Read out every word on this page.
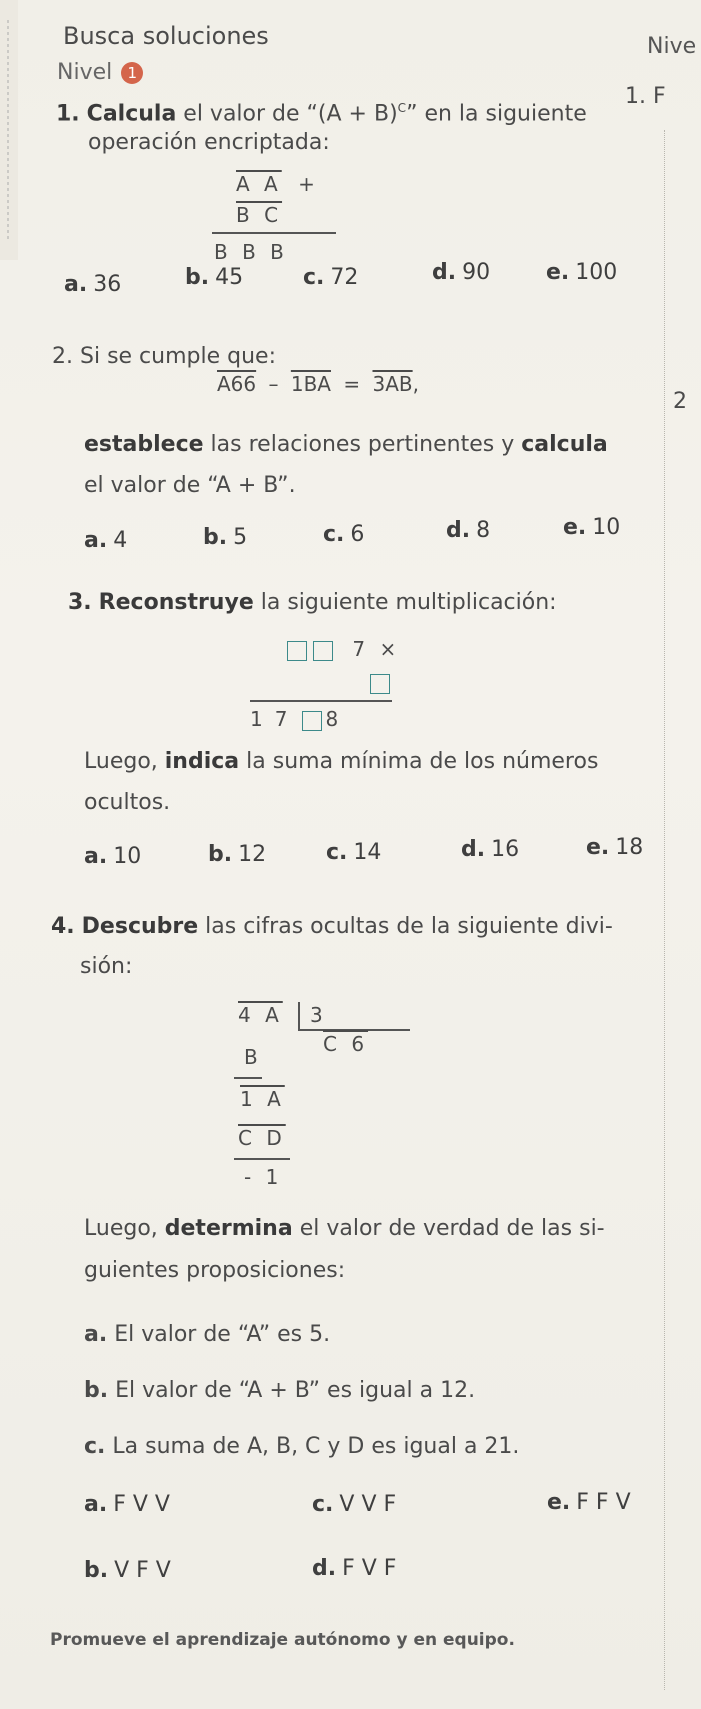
Busca soluciones	Nive
Nivel 1
1. F
1. Calcula el valor de “$(A + B)^C$” en la siguiente
operación encriptada:
A A +
B C
B B B
a. 36	b. 45	c. 72	d. 90	e. 100
2. Si se cumple que:
2
A66 – 1BA = 3AB,
establece las relaciones pertinentes y calcula
el valor de “A + B”.
a. 4	b. 5	c. 6	d. 8	e. 10
3. Reconstruye la siguiente multiplicación:
7 ×
17 8
Luego, indica la suma mínima de los números
ocultos.
a. 10	b. 12	c. 14	d. 16	e. 18
4. Descubre las cifras ocultas de la siguiente divi-
sión:
4 A 3
C 6
B
1 A
C D
- 1
Luego, determina el valor de verdad de las si-
guientes proposiciones:
a. El valor de “A” es 5.
b. El valor de “A + B” es igual a 12.
c. La suma de A, B, C y D es igual a 21.
a. F V V	c. V V F	e. F F V
b. V F V	d. F V F
Promueve el aprendizaje autónomo y en equipo.
